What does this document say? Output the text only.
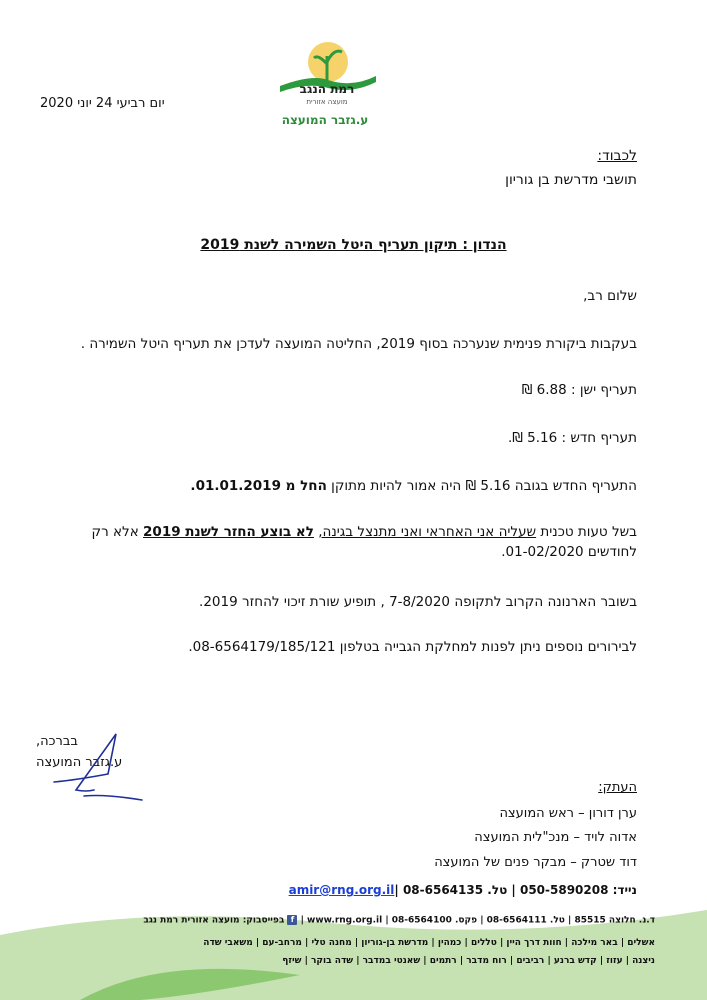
רמת הנגב
מועצה אזורית
ע.גזבר המועצה
יום רביעי 24 יוני 2020
לכבוד:
תושבי מדרשת בן גוריון
הנדון : תיקון תעריף היטל השמירה לשנת 2019
שלום רב,
בעקבות ביקורת פנימית שנערכה בסוף 2019, החליטה המועצה לעדכן את תעריף היטל השמירה .
תעריף ישן : 6.88 ₪
תעריף חדש : 5.16 ₪.
התעריף החדש בגובה 5.16 ₪ היה אמור להיות מתוקן החל מ 01.01.2019.
בשל טעות טכנית שעליה אני האחראי ואני מתנצל בגינה, לא בוצע החזר לשנת 2019 אלא רק לחודשים 01-02/2020.
בשובר הארנונה הקרוב לתקופה 7-8/2020 , תופיע שורת זיכוי להחזר 2019.
לבירורים נוספים ניתן לפנות למחלקת הגבייה בטלפון 08-6564179/185/121.
בברכה,
ע.גזבר המועצה
העתק:
ערן דורון – ראש המועצה
אדוה לויד – מנכ"לית המועצה
דוד שטרק – מבקר פנים של המועצה
נייד: 050-5890208 | טל. 08-6564135 |amir@rng.org.il
ד.נ. חלוצה 85515 | טל. 08-6564111 | פקס. 08-6564100 | www.rng.org.il | f בפייסבוק: מועצה אזורית רמת נגב
אשלים | באר מילכה | חוות דרך היין | טללים | כמהין | מדרשת בן-גוריון | מחנה טלי | מרחב-עם | משאבי שדה
ניצנה | עזוז | קדש ברנע | רביבים | רוח מדבר | רתמים | שאנטי במדבר | שדה בוקר | שיזף
